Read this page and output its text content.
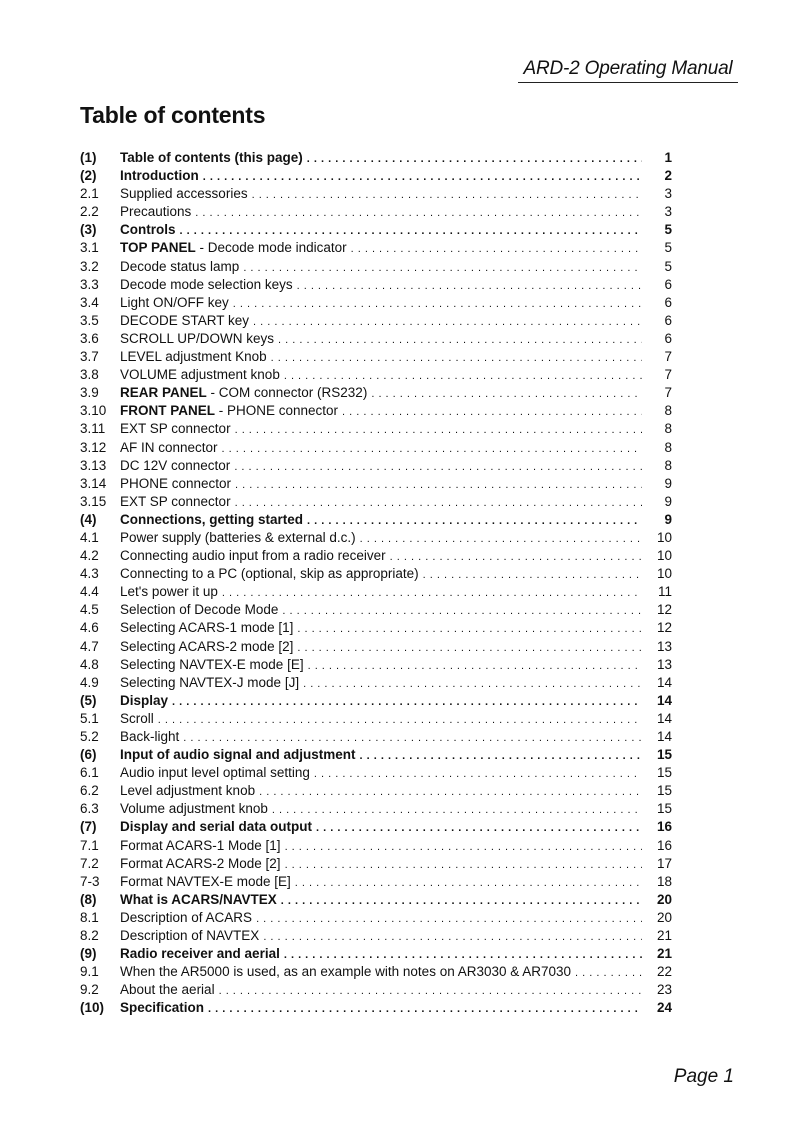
ARD-2 Operating Manual
Table of contents
(1)	Table of contents (this page) . . .	1
(2)	Introduction . . .	2
2.1	Supplied accessories . . .	3
2.2	Precautions . . .	3
(3)	Controls . . .	5
3.1	TOP PANEL - Decode mode indicator . . .	5
3.2	Decode status lamp . . .	5
3.3	Decode mode selection keys . . .	6
3.4	Light ON/OFF key . . .	6
3.5	DECODE START key . . .	6
3.6	SCROLL UP/DOWN keys . . .	6
3.7	LEVEL adjustment Knob . . .	7
3.8	VOLUME adjustment knob . . .	7
3.9	REAR PANEL - COM connector (RS232) . . .	7
3.10	FRONT PANEL - PHONE connector . . .	8
3.11	EXT SP connector . . .	8
3.12	AF IN connector . . .	8
3.13	DC 12V connector . . .	8
3.14	PHONE connector . . .	9
3.15	EXT SP connector . . .	9
(4)	Connections, getting started . . .	9
4.1	Power supply (batteries & external d.c.) . . .	10
4.2	Connecting audio input from a radio receiver . . .	10
4.3	Connecting to a PC (optional, skip as appropriate) . . .	10
4.4	Let's power it up . . .	11
4.5	Selection of Decode Mode . . .	12
4.6	Selecting ACARS-1 mode [1] . . .	12
4.7	Selecting ACARS-2 mode [2] . . .	13
4.8	Selecting NAVTEX-E mode [E] . . .	13
4.9	Selecting NAVTEX-J mode [J] . . .	14
(5)	Display . . .	14
5.1	Scroll . . .	14
5.2	Back-light . . .	14
(6)	Input of audio signal and adjustment . . .	15
6.1	Audio input level optimal setting . . .	15
6.2	Level adjustment knob . . .	15
6.3	Volume adjustment knob . . .	15
(7)	Display and serial data output . . .	16
7.1	Format ACARS-1 Mode [1] . . .	16
7.2	Format ACARS-2 Mode [2] . . .	17
7-3	Format NAVTEX-E mode [E] . . .	18
(8)	What is ACARS/NAVTEX . . .	20
8.1	Description of ACARS . . .	20
8.2	Description of NAVTEX . . .	21
(9)	Radio receiver and aerial . . .	21
9.1	When the AR5000 is used, as an example with notes on AR3030 & AR7030 . . .	22
9.2	About the aerial . . .	23
(10)	Specification . . .	24
Page 1
